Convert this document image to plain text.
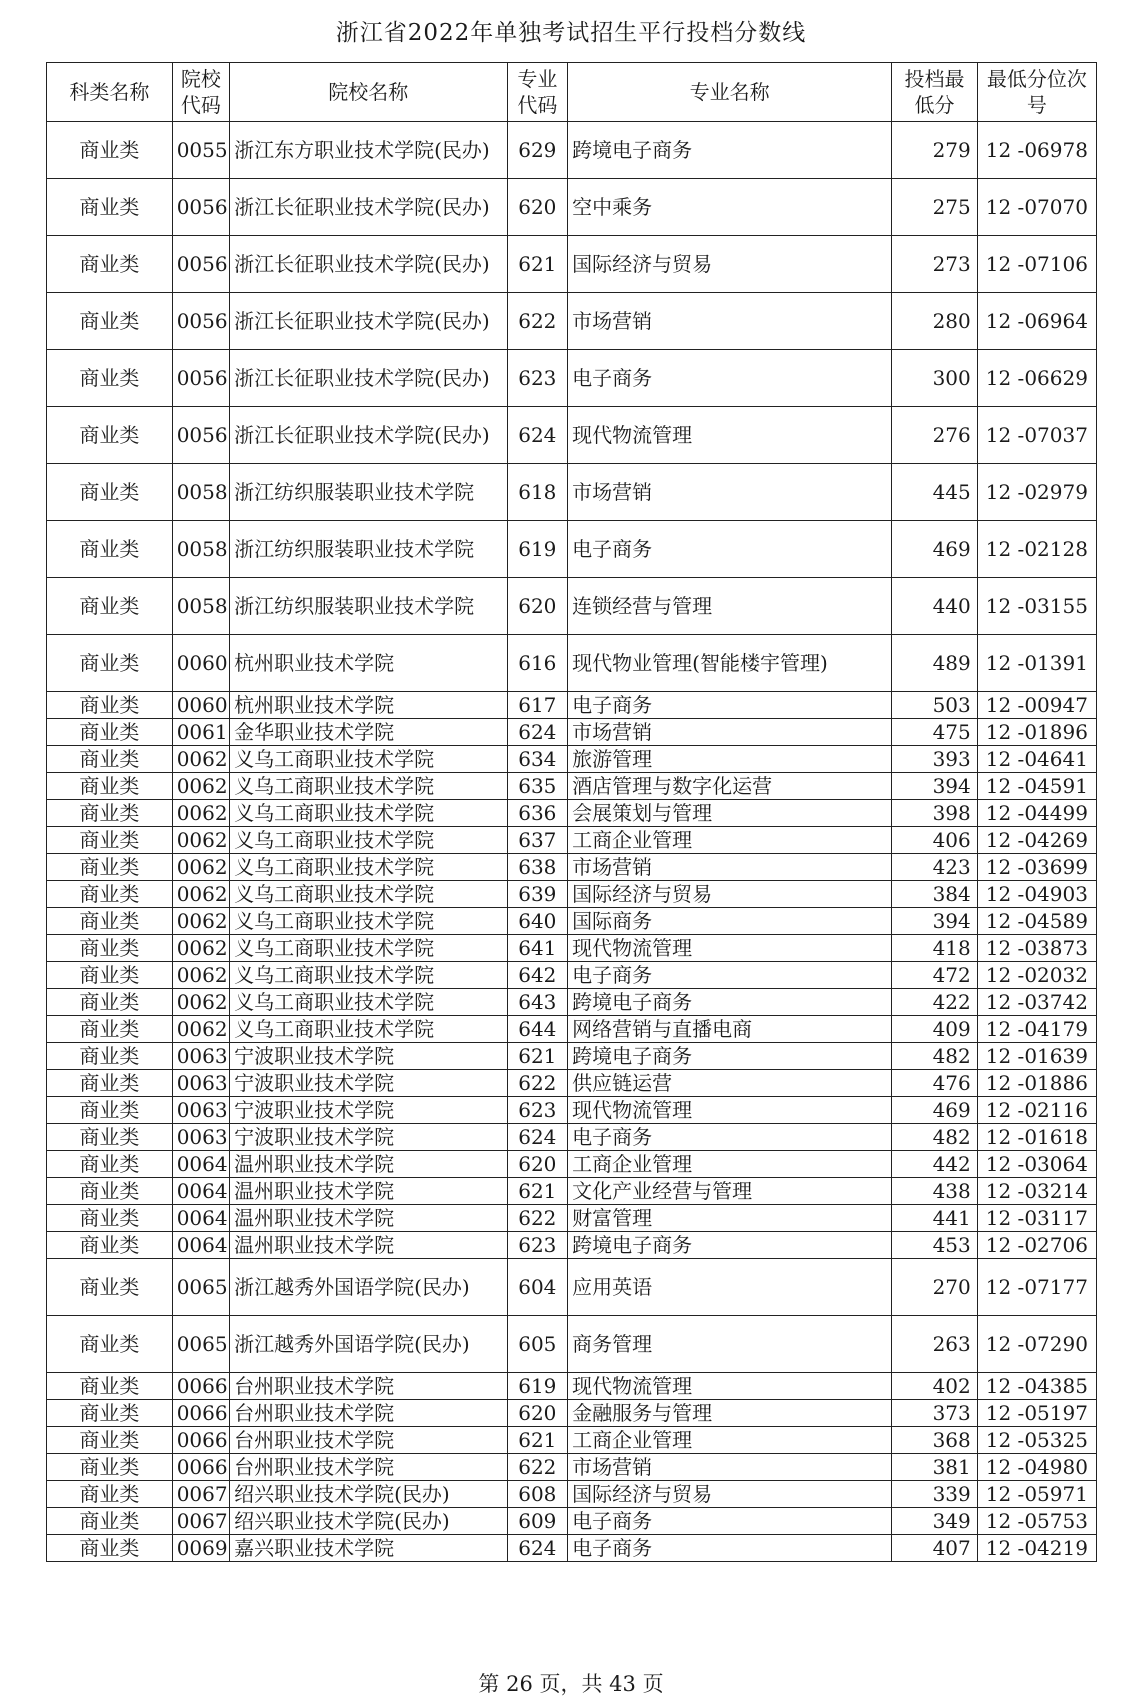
浙江省2022年单独考试招生平行投档分数线
科类名称	院校代码	院校名称	专业代码	专业名称	投档最低分	最低分位次号
商业类	0055	浙江东方职业技术学院(民办)	629	跨境电子商务	279	12 -06978
商业类	0056	浙江长征职业技术学院(民办)	620	空中乘务	275	12 -07070
商业类	0056	浙江长征职业技术学院(民办)	621	国际经济与贸易	273	12 -07106
商业类	0056	浙江长征职业技术学院(民办)	622	市场营销	280	12 -06964
商业类	0056	浙江长征职业技术学院(民办)	623	电子商务	300	12 -06629
商业类	0056	浙江长征职业技术学院(民办)	624	现代物流管理	276	12 -07037
商业类	0058	浙江纺织服装职业技术学院	618	市场营销	445	12 -02979
商业类	0058	浙江纺织服装职业技术学院	619	电子商务	469	12 -02128
商业类	0058	浙江纺织服装职业技术学院	620	连锁经营与管理	440	12 -03155
商业类	0060	杭州职业技术学院	616	现代物业管理(智能楼宇管理)	489	12 -01391
商业类	0060	杭州职业技术学院	617	电子商务	503	12 -00947
商业类	0061	金华职业技术学院	624	市场营销	475	12 -01896
商业类	0062	义乌工商职业技术学院	634	旅游管理	393	12 -04641
商业类	0062	义乌工商职业技术学院	635	酒店管理与数字化运营	394	12 -04591
商业类	0062	义乌工商职业技术学院	636	会展策划与管理	398	12 -04499
商业类	0062	义乌工商职业技术学院	637	工商企业管理	406	12 -04269
商业类	0062	义乌工商职业技术学院	638	市场营销	423	12 -03699
商业类	0062	义乌工商职业技术学院	639	国际经济与贸易	384	12 -04903
商业类	0062	义乌工商职业技术学院	640	国际商务	394	12 -04589
商业类	0062	义乌工商职业技术学院	641	现代物流管理	418	12 -03873
商业类	0062	义乌工商职业技术学院	642	电子商务	472	12 -02032
商业类	0062	义乌工商职业技术学院	643	跨境电子商务	422	12 -03742
商业类	0062	义乌工商职业技术学院	644	网络营销与直播电商	409	12 -04179
商业类	0063	宁波职业技术学院	621	跨境电子商务	482	12 -01639
商业类	0063	宁波职业技术学院	622	供应链运营	476	12 -01886
商业类	0063	宁波职业技术学院	623	现代物流管理	469	12 -02116
商业类	0063	宁波职业技术学院	624	电子商务	482	12 -01618
商业类	0064	温州职业技术学院	620	工商企业管理	442	12 -03064
商业类	0064	温州职业技术学院	621	文化产业经营与管理	438	12 -03214
商业类	0064	温州职业技术学院	622	财富管理	441	12 -03117
商业类	0064	温州职业技术学院	623	跨境电子商务	453	12 -02706
商业类	0065	浙江越秀外国语学院(民办)	604	应用英语	270	12 -07177
商业类	0065	浙江越秀外国语学院(民办)	605	商务管理	263	12 -07290
商业类	0066	台州职业技术学院	619	现代物流管理	402	12 -04385
商业类	0066	台州职业技术学院	620	金融服务与管理	373	12 -05197
商业类	0066	台州职业技术学院	621	工商企业管理	368	12 -05325
商业类	0066	台州职业技术学院	622	市场营销	381	12 -04980
商业类	0067	绍兴职业技术学院(民办)	608	国际经济与贸易	339	12 -05971
商业类	0067	绍兴职业技术学院(民办)	609	电子商务	349	12 -05753
商业类	0069	嘉兴职业技术学院	624	电子商务	407	12 -04219
第 26 页，共 43 页
